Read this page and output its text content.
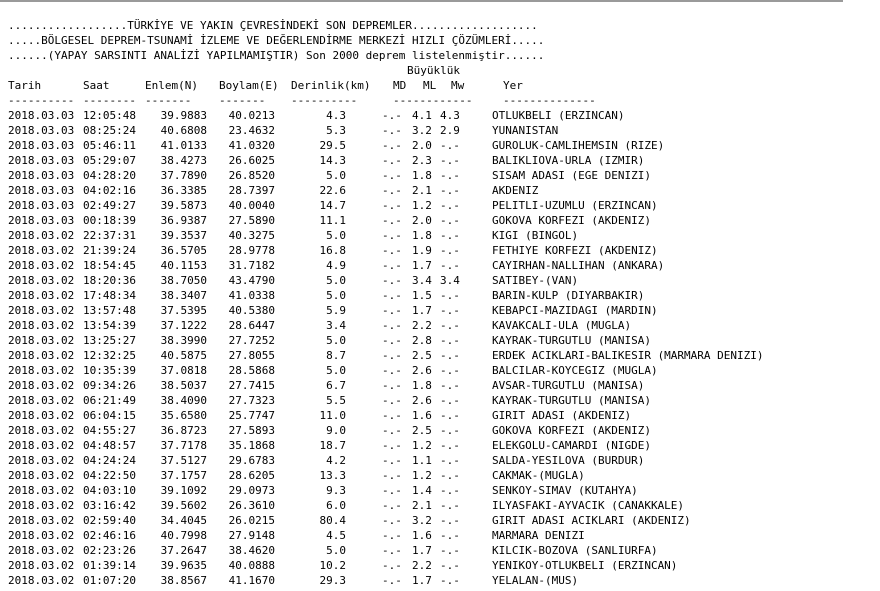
..................TÜRKİYE VE YAKIN ÇEVRESİNDEKİ SON DEPREMLER...................
.....BÖLGESEL DEPREM-TSUNAMİ İZLEME VE DEĞERLENDİRME MERKEZİ HIZLI ÇÖZÜMLERİ.....
......(YAPAY SARSINTI ANALİZİ YAPILMAMIŞTIR) Son 2000 deprem listelenmiştir......
Büyüklük
Tarih	Saat	Enlem(N) Boylam(E) Derinlik(km) MD ML Mw	Yer
---------- -------- -------	------- ----------	------------	--------------
2018.03.03 12:05:48 39.9883 40.0213	4.3	-.- 4.1 4.3	OTLUKBELI (ERZINCAN)
2018.03.03 08:25:24 40.6808 23.4632	5.3	-.- 3.2 2.9	YUNANISTAN
2018.03.03 05:46:11 41.0133 41.0320	29.5	-.- 2.0 -.-	GUROLUK-CAMLIHEMSIN (RIZE)
2018.03.03 05:29:07 38.4273 26.6025	14.3	-.- 2.3 -.-	BALIKLIOVA-URLA (IZMIR)
2018.03.03 04:28:20 37.7890 26.8520	5.0	-.- 1.8 -.-	SISAM ADASI (EGE DENIZI)
2018.03.03 04:02:16 36.3385 28.7397	22.6	-.- 2.1 -.-	AKDENIZ
2018.03.03 02:49:27 39.5873 40.0040	14.7	-.- 1.2 -.-	PELITLI-UZUMLU (ERZINCAN)
2018.03.03 00:18:39 36.9387 27.5890	11.1	-.- 2.0 -.-	GOKOVA KORFEZI (AKDENIZ)
2018.03.02 22:37:31 39.3537 40.3275	5.0	-.- 1.8 -.-	KIGI (BINGOL)
2018.03.02 21:39:24 36.5705 28.9778	16.8	-.- 1.9 -.-	FETHIYE KORFEZI (AKDENIZ)
2018.03.02 18:54:45 40.1153 31.7182	4.9	-.- 1.7 -.-	CAYIRHAN-NALLIHAN (ANKARA)
2018.03.02 18:20:36 38.7050 43.4790	5.0	-.- 3.4 3.4	SATIBEY-(VAN)
2018.03.02 17:48:34 38.3407 41.0338	5.0	-.- 1.5 -.-	BARIN-KULP (DIYARBAKIR)
2018.03.02 13:57:48 37.5395 40.5380	5.9	-.- 1.7 -.-	KEBAPCI-MAZIDAGI (MARDIN)
2018.03.02 13:54:39 37.1222 28.6447	3.4	-.- 2.2 -.-	KAVAKCALI-ULA (MUGLA)
2018.03.02 13:25:27 38.3990 27.7252	5.0	-.- 2.8 -.-	KAYRAK-TURGUTLU (MANISA)
2018.03.02 12:32:25 40.5875 27.8055	8.7	-.- 2.5 -.-	ERDEK ACIKLARI-BALIKESIR (MARMARA DENIZI)
2018.03.02 10:35:39 37.0818 28.5868	5.0	-.- 2.6 -.-	BALCILAR-KOYCEGIZ (MUGLA)
2018.03.02 09:34:26 38.5037 27.7415	6.7	-.- 1.8 -.-	AVSAR-TURGUTLU (MANISA)
2018.03.02 06:21:49 38.4090 27.7323	5.5	-.- 2.6 -.-	KAYRAK-TURGUTLU (MANISA)
2018.03.02 06:04:15 35.6580 25.7747	11.0	-.- 1.6 -.-	GIRIT ADASI (AKDENIZ)
2018.03.02 04:55:27 36.8723 27.5893	9.0	-.- 2.5 -.-	GOKOVA KORFEZI (AKDENIZ)
2018.03.02 04:48:57 37.7178 35.1868	18.7	-.- 1.2 -.-	ELEKGOLU-CAMARDI (NIGDE)
2018.03.02 04:24:24 37.5127 29.6783	4.2	-.- 1.1 -.-	SALDA-YESILOVA (BURDUR)
2018.03.02 04:22:50 37.1757 28.6205	13.3	-.- 1.2 -.-	CAKMAK-(MUGLA)
2018.03.02 04:03:10 39.1092 29.0973	9.3	-.- 1.4 -.-	SENKOY-SIMAV (KUTAHYA)
2018.03.02 03:16:42 39.5602 26.3610	6.0	-.- 2.1 -.-	ILYASFAKI-AYVACIK (CANAKKALE)
2018.03.02 02:59:40 34.4045 26.0215	80.4	-.- 3.2 -.-	GIRIT ADASI ACIKLARI (AKDENIZ)
2018.03.02 02:46:16 40.7998 27.9148	4.5	-.- 1.6 -.-	MARMARA DENIZI
2018.03.02 02:23:26 37.2647 38.4620	5.0	-.- 1.7 -.-	KILCIK-BOZOVA (SANLIURFA)
2018.03.02 01:39:14 39.9635 40.0888	10.2	-.- 2.2 -.-	YENIKOY-OTLUKBELI (ERZINCAN)
2018.03.02 01:07:20 38.8567 41.1670	29.3	-.- 1.7 -.-	YELALAN-(MUS)
